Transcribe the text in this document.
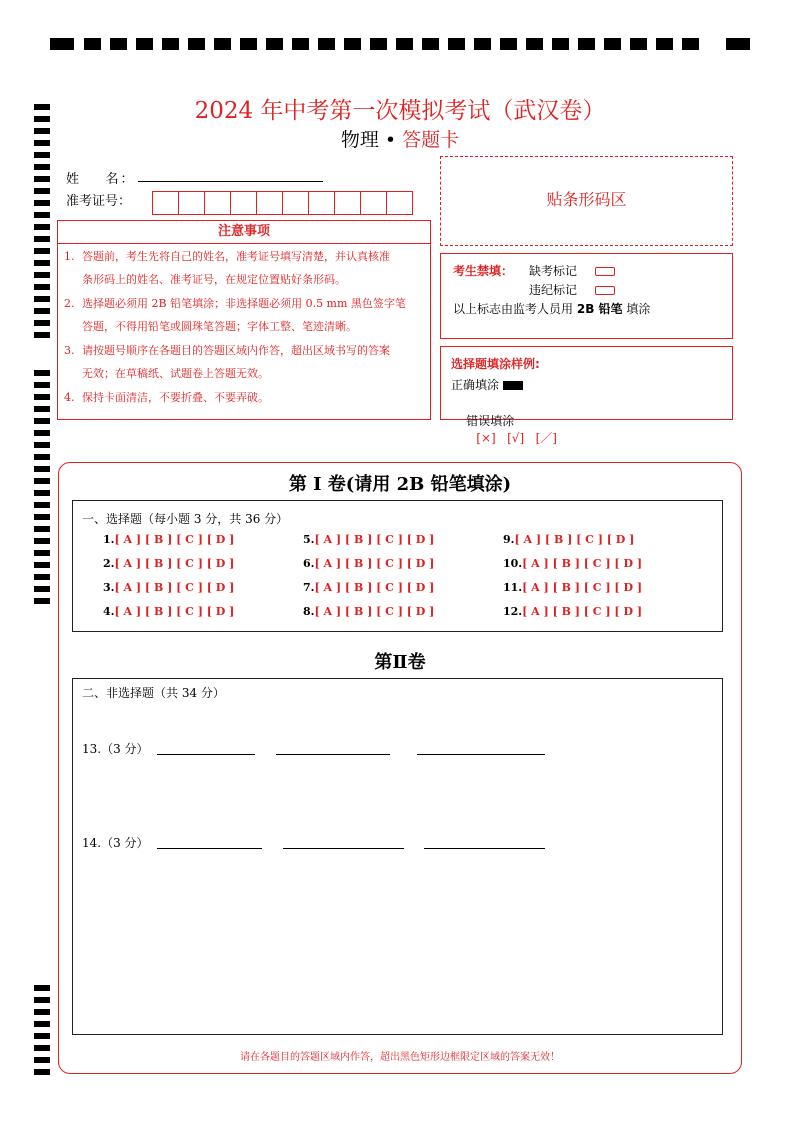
2024 年中考第一次模拟考试（武汉卷）
物理 • 答题卡
姓    名：
准考证号：	贴条形码区
注意事项
1. 答题前，考生先将自己的姓名，准考证号填写清楚，并认真核准
条形码上的姓名、准考证号，在规定位置贴好条形码。
2. 选择题必须用 2B 铅笔填涂；非选择题必须用 0.5 mm 黑色签字笔
答题，不得用铅笔或圆珠笔答题；字体工整、笔迹清晰。
3. 请按题号顺序在各题目的答题区域内作答，超出区域书写的答案
无效；在草稿纸、试题卷上答题无效。
4. 保持卡面清洁，不要折叠、不要弄破。
考生禁填： 缺考标记
违纪标记
以上标志由监考人员用 2B 铅笔 填涂
选择题填涂样例:
正确填涂

错误填涂
[×]   [√]   [／]

第 I 卷(请用 2B 铅笔填涂)
一、选择题（每小题 3 分，共 36 分）
1.[ A ] [ B ] [ C ] [ D ]
2.[ A ] [ B ] [ C ] [ D ]
3.[ A ] [ B ] [ C ] [ D ]
4.[ A ] [ B ] [ C ] [ D ]
5.[ A ] [ B ] [ C ] [ D ]
6.[ A ] [ B ] [ C ] [ D ]
7.[ A ] [ B ] [ C ] [ D ]
8.[ A ] [ B ] [ C ] [ D ]
9.[ A ] [ B ] [ C ] [ D ]
10.[ A ] [ B ] [ C ] [ D ]
11.[ A ] [ B ] [ C ] [ D ]
12.[ A ] [ B ] [ C ] [ D ]
第Ⅱ卷
二、非选择题（共 34 分）
13.（3 分）
14.（3 分）
请在各题目的答题区域内作答，超出黑色矩形边框限定区域的答案无效！
